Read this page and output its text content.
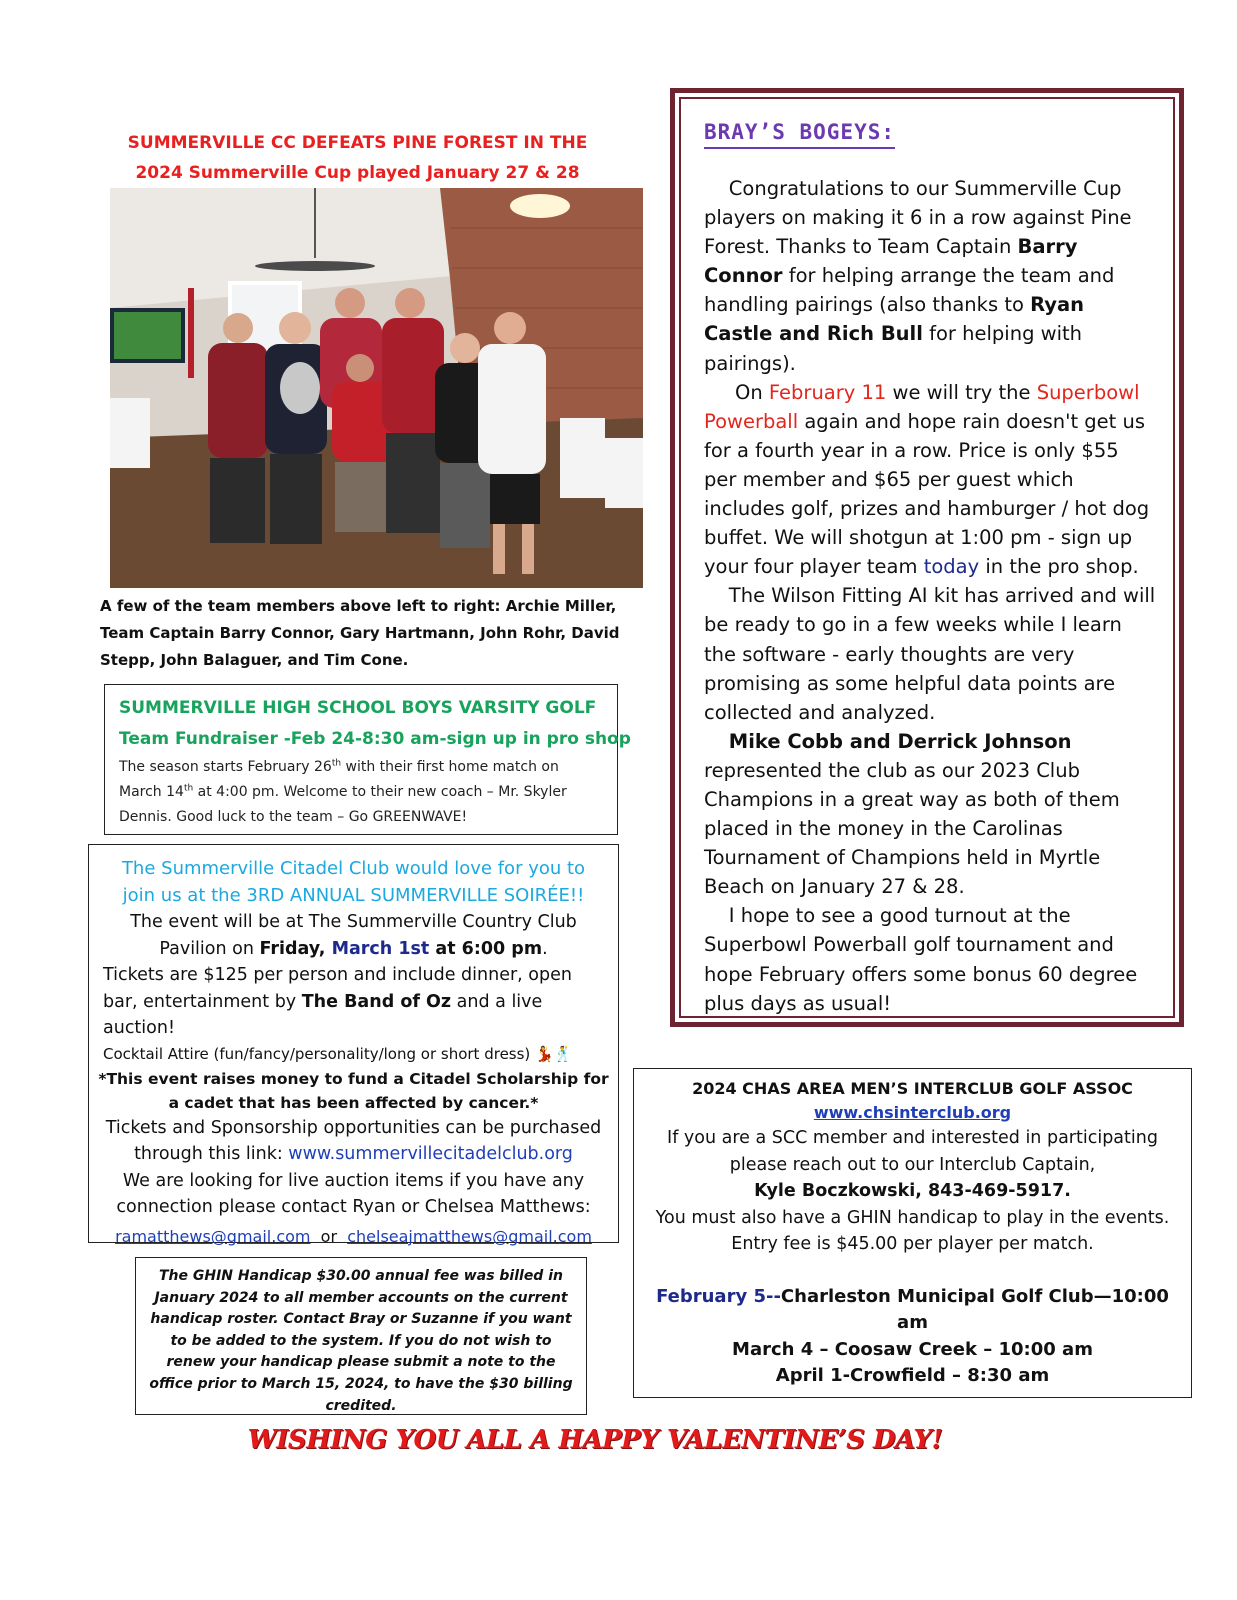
SUMMERVILLE CC DEFEATS PINE FOREST IN THE
2024 Summerville Cup played January 27 & 28
A few of the team members above left to right: Archie Miller, Team Captain Barry Connor, Gary Hartmann, John Rohr, David Stepp, John Balaguer, and Tim Cone.
SUMMERVILLE HIGH SCHOOL BOYS VARSITY GOLF
Team Fundraiser -Feb 24-8:30 am-sign up in pro shop
The season starts February 26th with their first home match on March 14th at 4:00 pm. Welcome to their new coach – Mr. Skyler Dennis. Good luck to the team – Go GREENWAVE!
The Summerville Citadel Club would love for you to
join us at the 3RD ANNUAL SUMMERVILLE SOIRÉE!!
The event will be at The Summerville Country Club Pavilion on Friday, March 1st at 6:00 pm.
Tickets are $125 per person and include dinner, open bar, entertainment by The Band of Oz and a live auction!
Cocktail Attire (fun/fancy/personality/long or short dress) 💃🕺
*This event raises money to fund a Citadel Scholarship for a cadet that has been affected by cancer.*
Tickets and Sponsorship opportunities can be purchased through this link: www.summervillecitadelclub.org
We are looking for live auction items if you have any connection please contact Ryan or Chelsea Matthews:
ramatthews@gmail.com or chelseajmatthews@gmail.com
The GHIN Handicap $30.00 annual fee was billed in January 2024 to all member accounts on the current handicap roster. Contact Bray or Suzanne if you want to be added to the system. If you do not wish to renew your handicap please submit a note to the office prior to March 15, 2024, to have the $30 billing credited.
WISHING YOU ALL A HAPPY VALENTINE’S DAY!
BRAY’S BOGEYS:
Congratulations to our Summerville Cup players on making it 6 in a row against Pine Forest. Thanks to Team Captain Barry Connor for helping arrange the team and handling pairings (also thanks to Ryan Castle and Rich Bull for helping with pairings).
On February 11 we will try the Superbowl Powerball again and hope rain doesn't get us for a fourth year in a row. Price is only $55 per member and $65 per guest which includes golf, prizes and hamburger / hot dog buffet. We will shotgun at 1:00 pm - sign up your four player team today in the pro shop.
The Wilson Fitting AI kit has arrived and will be ready to go in a few weeks while I learn the software - early thoughts are very promising as some helpful data points are collected and analyzed.
Mike Cobb and Derrick Johnson represented the club as our 2023 Club Champions in a great way as both of them placed in the money in the Carolinas Tournament of Champions held in Myrtle Beach on January 27 & 28.
I hope to see a good turnout at the Superbowl Powerball golf tournament and hope February offers some bonus 60 degree plus days as usual!
2024 CHAS AREA MEN’S INTERCLUB GOLF ASSOC
www.chsinterclub.org
If you are a SCC member and interested in participating please reach out to our Interclub Captain,
Kyle Boczkowski, 843-469-5917.
You must also have a GHIN handicap to play in the events.
Entry fee is $45.00 per player per match.
February 5--Charleston Municipal Golf Club—10:00 am
March 4 – Coosaw Creek – 10:00 am
April 1-Crowfield – 8:30 am
